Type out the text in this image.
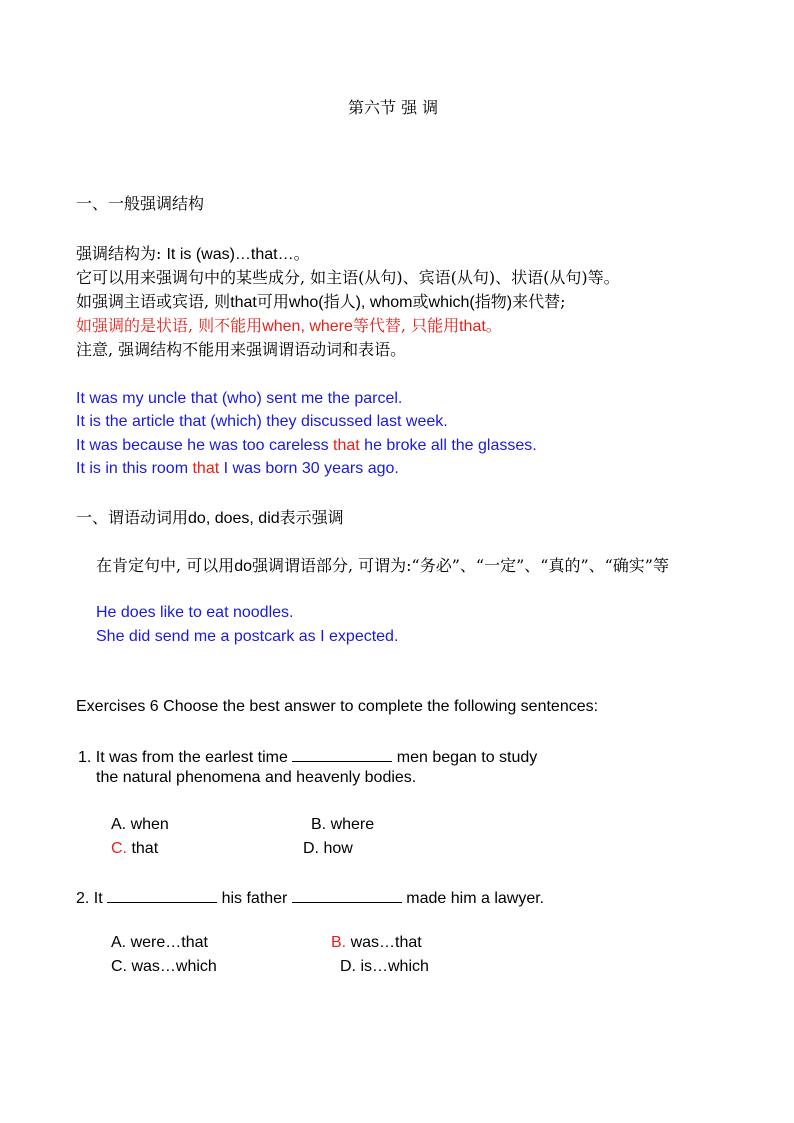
第六节 强 调
一、一般强调结构
强调结构为: It is (was)…that…。
它可以用来强调句中的某些成分, 如主语(从句)、宾语(从句)、状语(从句)等。
如强调主语或宾语, 则that可用who(指人), whom或which(指物)来代替;
如强调的是状语, 则不能用when, where等代替, 只能用that。
注意, 强调结构不能用来强调谓语动词和表语。
It was my uncle that (who) sent me the parcel.
It is the article that (which) they discussed last week.
It was because he was too careless that he broke all the glasses.
It is in this room that I was born 30 years ago.
一、谓语动词用do, does, did表示强调
在肯定句中, 可以用do强调谓语部分, 可谓为:“务必”、“一定”、“真的”、“确实”等
He does like to eat noodles.
She did send me a postcark as I expected.
Exercises 6 Choose the best answer to complete the following sentences:
1. It was from the earlest time	men began to study
the natural phenomena and heavenly bodies.
A. when	B. where
C. that	D. how
2. It	his father	made him a lawyer.
A. were…that	B. was…that
C. was…which	D. is…which
